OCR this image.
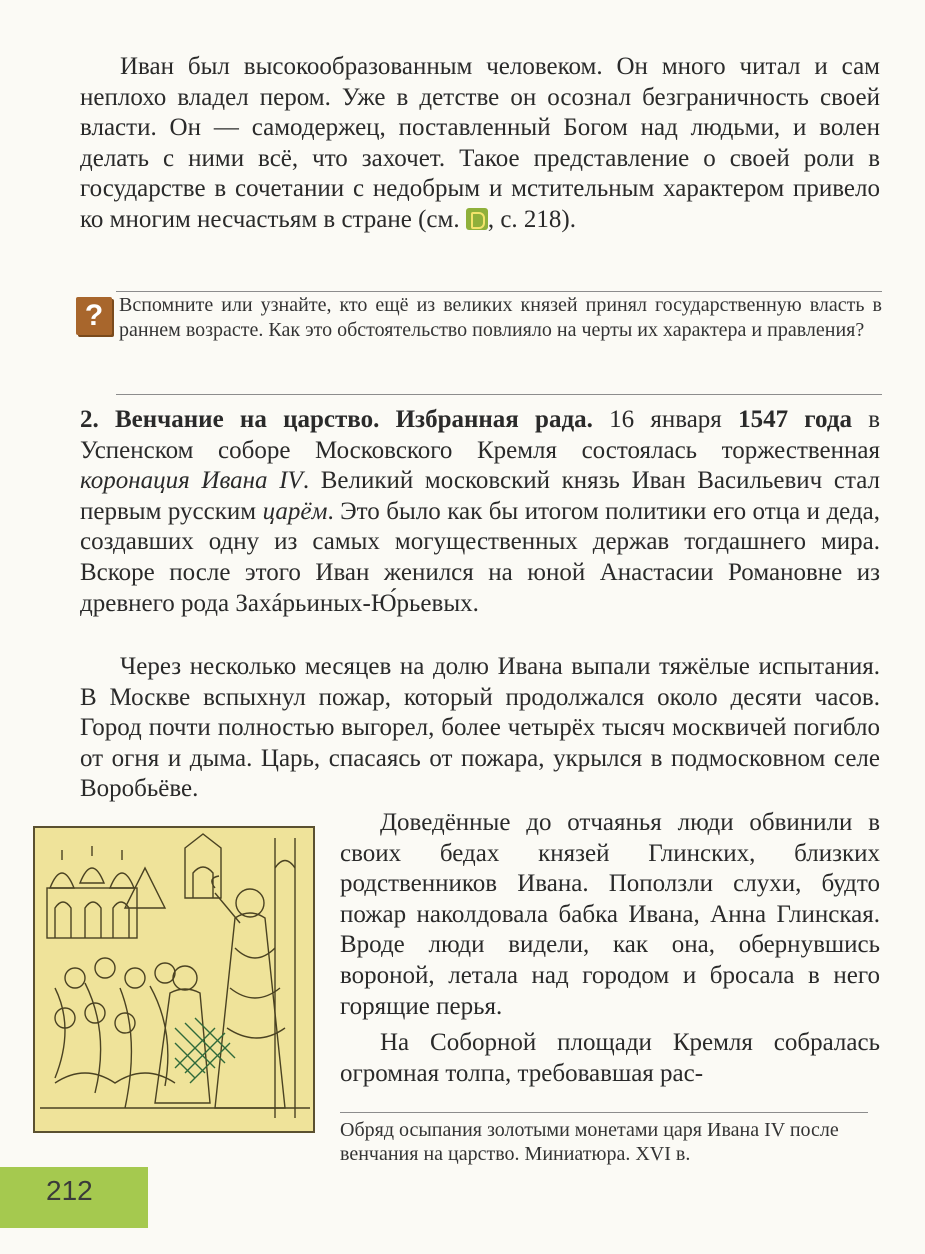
Иван был высокообразованным человеком. Он много читал и сам неплохо владел пером. Уже в детстве он осознал безграничность своей власти. Он — самодержец, поставленный Богом над людьми, и волен делать с ними всё, что захочет. Такое представление о своей роли в государстве в сочетании с недобрым и мстительным характером привело ко многим несчастьям в стране (см. , с. 218).

? Вспомните или узнайте, кто ещё из великих князей принял государственную власть в раннем возрасте. Как это обстоятельство повлияло на черты их характера и правления?

2. Венчание на царство. Избранная рада. 16 января 1547 года в Успенском соборе Московского Кремля состоялась торжественная коронация Ивана IV. Великий московский князь Иван Васильевич стал первым русским царём. Это было как бы итогом политики его отца и деда, создавших одну из самых могущественных держав тогдашнего мира. Вскоре после этого Иван женился на юной Анастасии Романовне из древнего рода Захáрьиных-Ю́рьевых.

Через несколько месяцев на долю Ивана выпали тяжёлые испытания. В Москве вспыхнул пожар, который продолжался около десяти часов. Город почти полностью выгорел, более четырёх тысяч москвичей погибло от огня и дыма. Царь, спасаясь от пожара, укрылся в подмосковном селе Воробьёве.

Доведённые до отчаянья люди обвинили в своих бедах князей Глинских, близких родственников Ивана. Поползли слухи, будто пожар наколдовала бабка Ивана, Анна Глинская. Вроде люди видели, как она, обернувшись вороной, летала над городом и бросала в него горящие перья.

На Соборной площади Кремля собралась огромная толпа, требовавшая рас-

Обряд осыпания золотыми монетами царя Ивана IV после венчания на царство. Миниатюра. XVI в.

212
